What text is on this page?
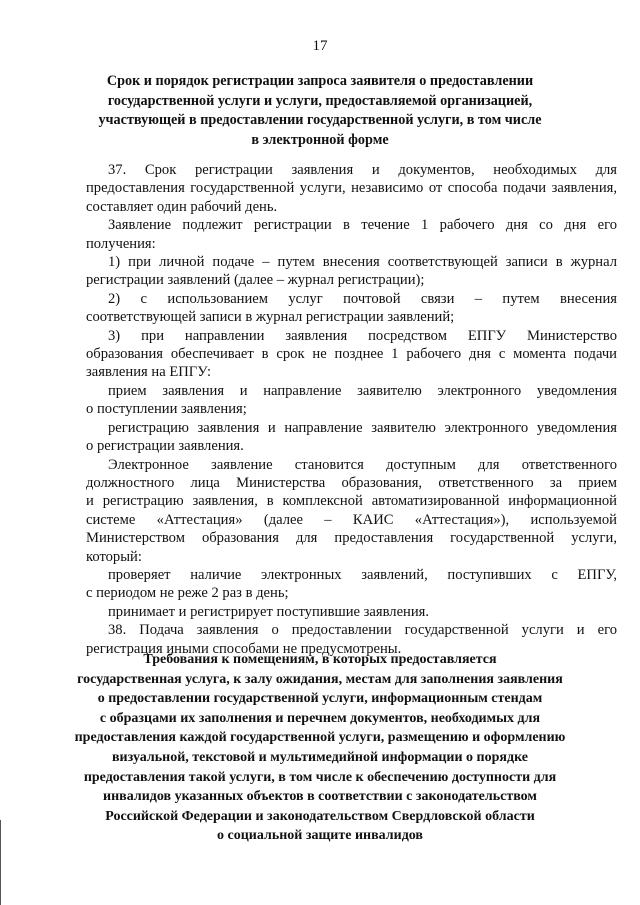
17
Срок и порядок регистрации запроса заявителя о предоставлении
государственной услуги и услуги, предоставляемой организацией,
участвующей в предоставлении государственной услуги, в том числе
в электронной форме
37. Срок регистрации заявления и документов, необходимых для
предоставления государственной услуги, независимо от способа подачи заявления,
составляет один рабочий день.
Заявление подлежит регистрации в течение 1 рабочего дня со дня его
получения:
1) при личной подаче – путем внесения соответствующей записи в журнал
регистрации заявлений (далее – журнал регистрации);
2) с использованием услуг почтовой связи – путем внесения
соответствующей записи в журнал регистрации заявлений;
3) при направлении заявления посредством ЕПГУ Министерство
образования обеспечивает в срок не позднее 1 рабочего дня с момента подачи
заявления на ЕПГУ:
прием заявления и направление заявителю электронного уведомления
о поступлении заявления;
регистрацию заявления и направление заявителю электронного уведомления
о регистрации заявления.
Электронное заявление становится доступным для ответственного
должностного лица Министерства образования, ответственного за прием
и регистрацию заявления, в комплексной автоматизированной информационной
системе «Аттестация» (далее – КАИС «Аттестация»), используемой
Министерством образования для предоставления государственной услуги,
который:
проверяет наличие электронных заявлений, поступивших с ЕПГУ,
с периодом не реже 2 раз в день;
принимает и регистрирует поступившие заявления.
38. Подача заявления о предоставлении государственной услуги и его
регистрация иными способами не предусмотрены.
Требования к помещениям, в которых предоставляется
государственная услуга, к залу ожидания, местам для заполнения заявления
о предоставлении государственной услуги, информационным стендам
с образцами их заполнения и перечнем документов, необходимых для
предоставления каждой государственной услуги, размещению и оформлению
визуальной, текстовой и мультимедийной информации о порядке
предоставления такой услуги, в том числе к обеспечению доступности для
инвалидов указанных объектов в соответствии с законодательством
Российской Федерации и законодательством Свердловской области
о социальной защите инвалидов
